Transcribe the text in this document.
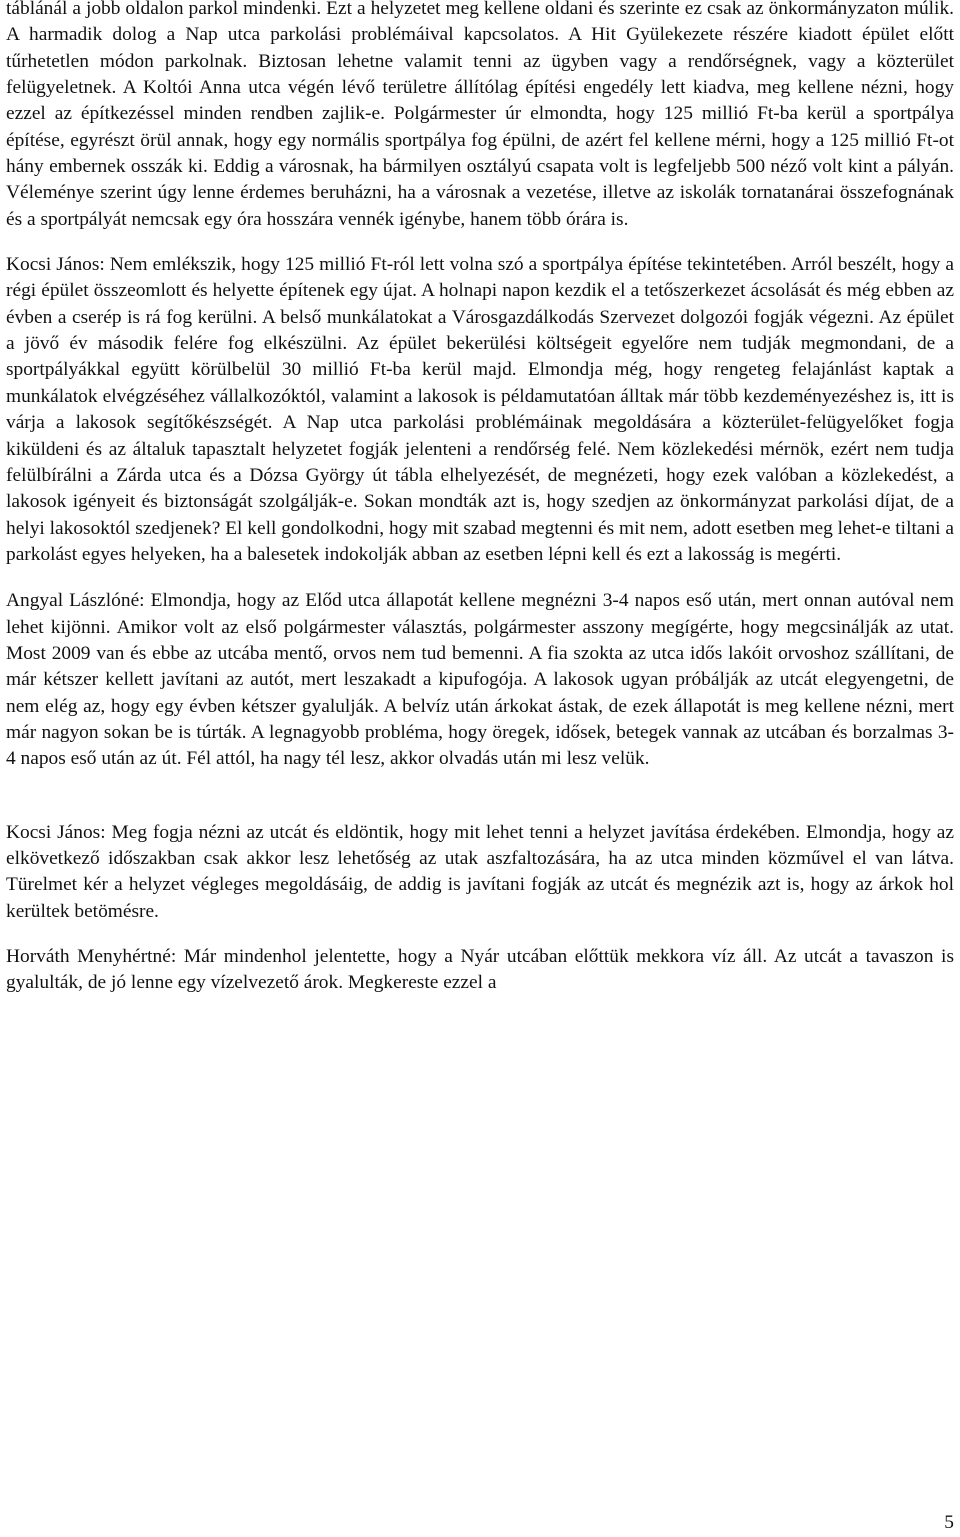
táblánál a jobb oldalon parkol mindenki. Ezt a helyzetet meg kellene oldani és szerinte ez csak az önkormányzaton múlik. A harmadik dolog a Nap utca parkolási problémáival kapcsolatos. A Hit Gyülekezete részére kiadott épület előtt tűrhetetlen módon parkolnak. Biztosan lehetne valamit tenni az ügyben vagy a rendőrségnek, vagy a közterület felügyeletnek. A Koltói Anna utca végén lévő területre állítólag építési engedély lett kiadva, meg kellene nézni, hogy ezzel az építkezéssel minden rendben zajlik-e. Polgármester úr elmondta, hogy 125 millió Ft-ba kerül a sportpálya építése, egyrészt örül annak, hogy egy normális sportpálya fog épülni, de azért fel kellene mérni, hogy a 125 millió Ft-ot hány embernek osszák ki. Eddig a városnak, ha bármilyen osztályú csapata volt is legfeljebb 500 néző volt kint a pályán. Véleménye szerint úgy lenne érdemes beruházni, ha a városnak a vezetése, illetve az iskolák tornatanárai összefognának és a sportpályát nemcsak egy óra hosszára vennék igénybe, hanem több órára is.

Kocsi János: Nem emlékszik, hogy 125 millió Ft-ról lett volna szó a sportpálya építése tekintetében. Arról beszélt, hogy a régi épület összeomlott és helyette építenek egy újat. A holnapi napon kezdik el a tetőszerkezet ácsolását és még ebben az évben a cserép is rá fog kerülni. A belső munkálatokat a Városgazdálkodás Szervezet dolgozói fogják végezni. Az épület a jövő év második felére fog elkészülni. Az épület bekerülési költségeit egyelőre nem tudják megmondani, de a sportpályákkal együtt körülbelül 30 millió Ft-ba kerül majd. Elmondja még, hogy rengeteg felajánlást kaptak a munkálatok elvégzéséhez vállalkozóktól, valamint a lakosok is példamutatóan álltak már több kezdeményezéshez is, itt is várja a lakosok segítőkészségét. A Nap utca parkolási problémáinak megoldására a közterület-felügyelőket fogja kiküldeni és az általuk tapasztalt helyzetet fogják jelenteni a rendőrség felé. Nem közlekedési mérnök, ezért nem tudja felülbírálni a Zárda utca és a Dózsa György út tábla elhelyezését, de megnézeti, hogy ezek valóban a közlekedést, a lakosok igényeit és biztonságát szolgálják-e. Sokan mondták azt is, hogy szedjen az önkormányzat parkolási díjat, de a helyi lakosoktól szedjenek? El kell gondolkodni, hogy mit szabad megtenni és mit nem, adott esetben meg lehet-e tiltani a parkolást egyes helyeken, ha a balesetek indokolják abban az esetben lépni kell és ezt a lakosság is megérti.

Angyal Lászlóné: Elmondja, hogy az Előd utca állapotát kellene megnézni 3-4 napos eső után, mert onnan autóval nem lehet kijönni. Amikor volt az első polgármester választás, polgármester asszony megígérte, hogy megcsinálják az utat. Most 2009 van és ebbe az utcába mentő, orvos nem tud bemenni. A fia szokta az utca idős lakóit orvoshoz szállítani, de már kétszer kellett javítani az autót, mert leszakadt a kipufogója. A lakosok ugyan próbálják az utcát elegyengetni, de nem elég az, hogy egy évben kétszer gyalulják. A belvíz után árkokat ástak, de ezek állapotát is meg kellene nézni, mert már nagyon sokan be is túrták. A legnagyobb probléma, hogy öregek, idősek, betegek vannak az utcában és borzalmas 3-4 napos eső után az út. Fél attól, ha nagy tél lesz, akkor olvadás után mi lesz velük.

Kocsi János: Meg fogja nézni az utcát és eldöntik, hogy mit lehet tenni a helyzet javítása érdekében. Elmondja, hogy az elkövetkező időszakban csak akkor lesz lehetőség az utak aszfaltozására, ha az utca minden közművel el van látva. Türelmet kér a helyzet végleges megoldásáig, de addig is javítani fogják az utcát és megnézik azt is, hogy az árkok hol kerültek betömésre.

Horváth Menyhértné: Már mindenhol jelentette, hogy a Nyár utcában előttük mekkora víz áll. Az utcát a tavaszon is gyalulták, de jó lenne egy vízelvezető árok. Megkereste ezzel a

5
